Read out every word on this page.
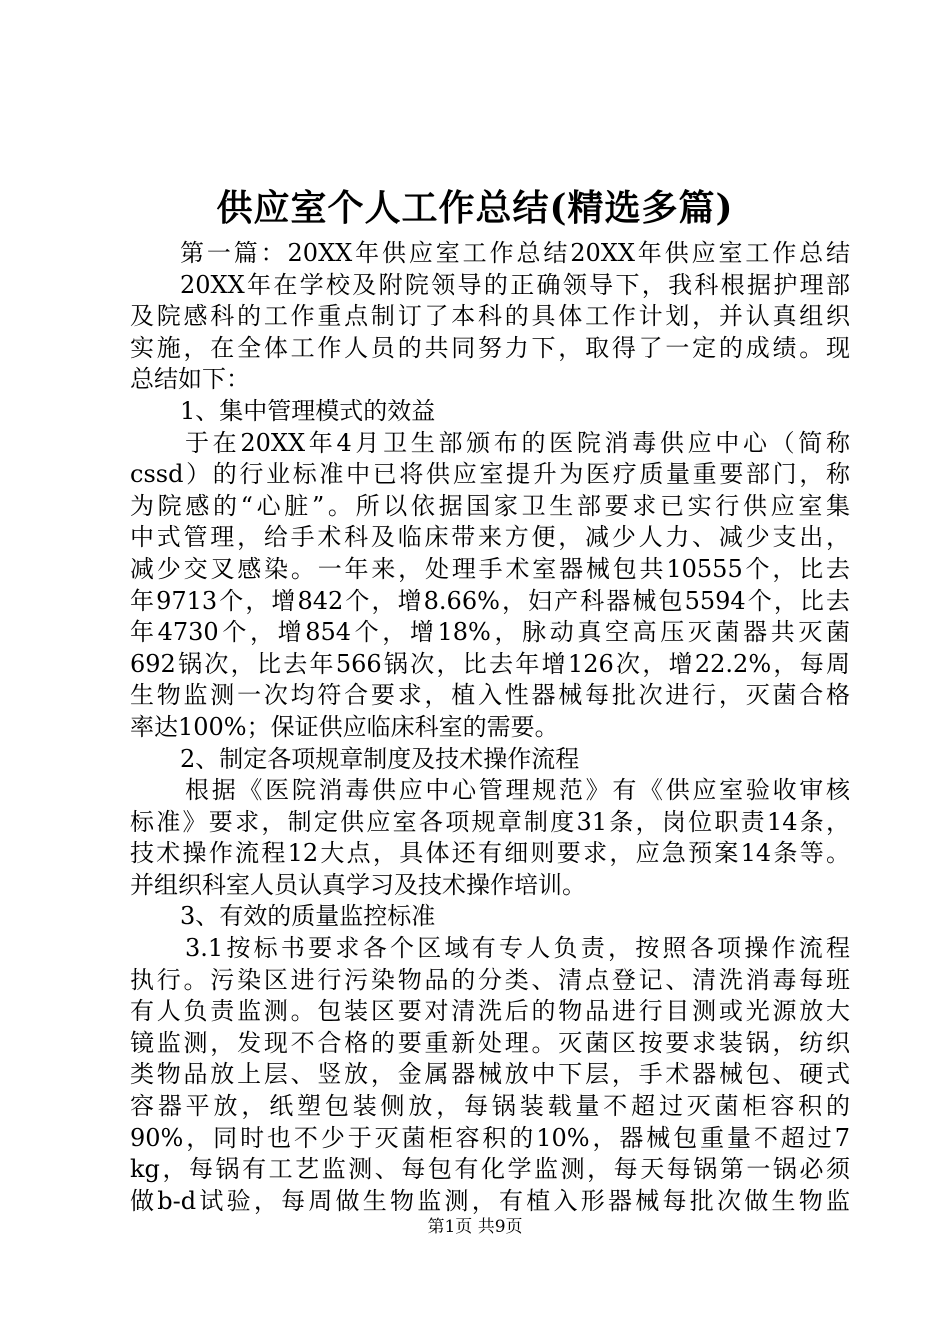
供应室个人工作总结(精选多篇)
第一篇：20XX年供应室工作总结20XX年供应室工作总结
20XX年在学校及附院领导的正确领导下，我科根据护理部
及院感科的工作重点制订了本科的具体工作计划，并认真组织
实施，在全体工作人员的共同努力下，取得了一定的成绩。现
总结如下：
1、集中管理模式的效益
于在20XX年4月卫生部颁布的医院消毒供应中心（简称
cssd）的行业标准中已将供应室提升为医疗质量重要部门，称
为院感的“心脏”。所以依据国家卫生部要求已实行供应室集
中式管理，给手术科及临床带来方便，减少人力、减少支出，
减少交叉感染。一年来，处理手术室器械包共10555个，比去
年9713个，增842个，增8.66%，妇产科器械包5594个，比去
年4730个，增854个，增18%，脉动真空高压灭菌器共灭菌
692锅次，比去年566锅次，比去年增126次，增22.2%，每周
生物监测一次均符合要求，植入性器械每批次进行，灭菌合格
率达100%；保证供应临床科室的需要。
2、制定各项规章制度及技术操作流程
根据《医院消毒供应中心管理规范》有《供应室验收审核
标准》要求，制定供应室各项规章制度31条，岗位职责14条，
技术操作流程12大点，具体还有细则要求，应急预案14条等。
并组织科室人员认真学习及技术操作培训。
3、有效的质量监控标准
3.1按标书要求各个区域有专人负责，按照各项操作流程
执行。污染区进行污染物品的分类、清点登记、清洗消毒每班
有人负责监测。包装区要对清洗后的物品进行目测或光源放大
镜监测，发现不合格的要重新处理。灭菌区按要求装锅，纺织
类物品放上层、竖放，金属器械放中下层，手术器械包、硬式
容器平放，纸塑包装侧放，每锅装载量不超过灭菌柜容积的
90%，同时也不少于灭菌柜容积的10%，器械包重量不超过7
kg，每锅有工艺监测、每包有化学监测，每天每锅第一锅必须
做b-d试验，每周做生物监测，有植入形器械每批次做生物监
第1页 共9页
